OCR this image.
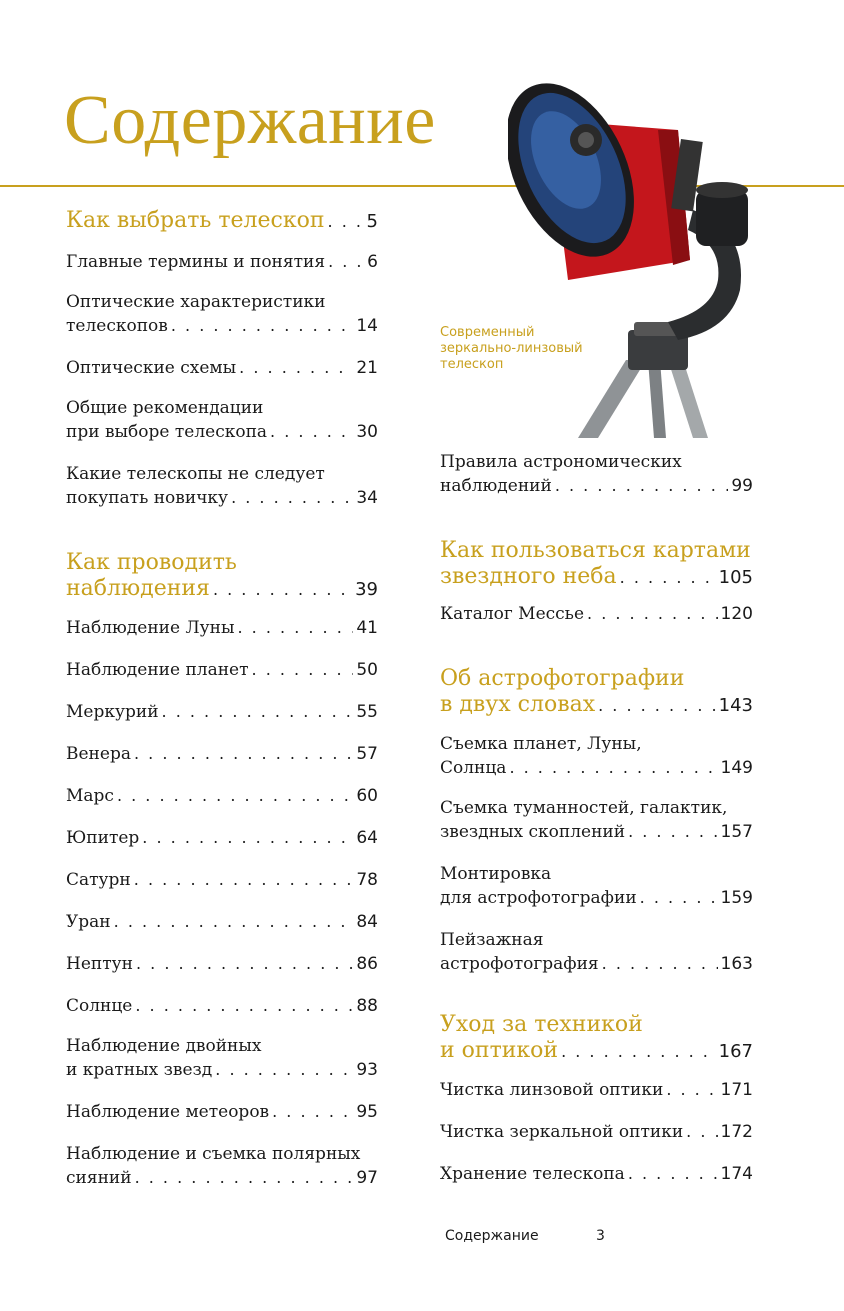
Содержание
Современный
зеркально-линзовый
телескоп
Как выбрать телескоп . . . 5
Главные термины и понятия . . . 6
Оптические характеристики
телескопов . . .	14
Оптические схемы . . .	21
Общие рекомендации
при выборе телескопа . . .	30
Какие телескопы не следует
покупать новичку . . .	34
Как проводить
наблюдения . . .	39
Наблюдение Луны . . .	41
Наблюдение планет . . .	50
Меркурий . . .	55
Венера . . .	57
Марс . . .	60
Юпитер . . .	64
Сатурн . . .	78
Уран . . .	84
Нептун . . .	86
Солнце . . .	88
Наблюдение двойных
и кратных звезд . . .	93
Наблюдение метеоров . . .	95
Наблюдение и съемка полярных
сияний . . .	97
Правила астрономических
наблюдений . . .	99
Как пользоваться картами
звездного неба . . .	105
Каталог Мессье . . .	120
Об астрофотографии
в двух словах . . .	143
Съемка планет, Луны,
Солнца . . .	149
Съемка туманностей, галактик,
звездных скоплений . . .	157
Монтировка
для астрофотографии . . .	159
Пейзажная
астрофотография . . .	163
Уход за техникой
и оптикой . . .	167
Чистка линзовой оптики . . .	171
Чистка зеркальной оптики . . . 172
Хранение телескопа . . .	174
Содержание	3
